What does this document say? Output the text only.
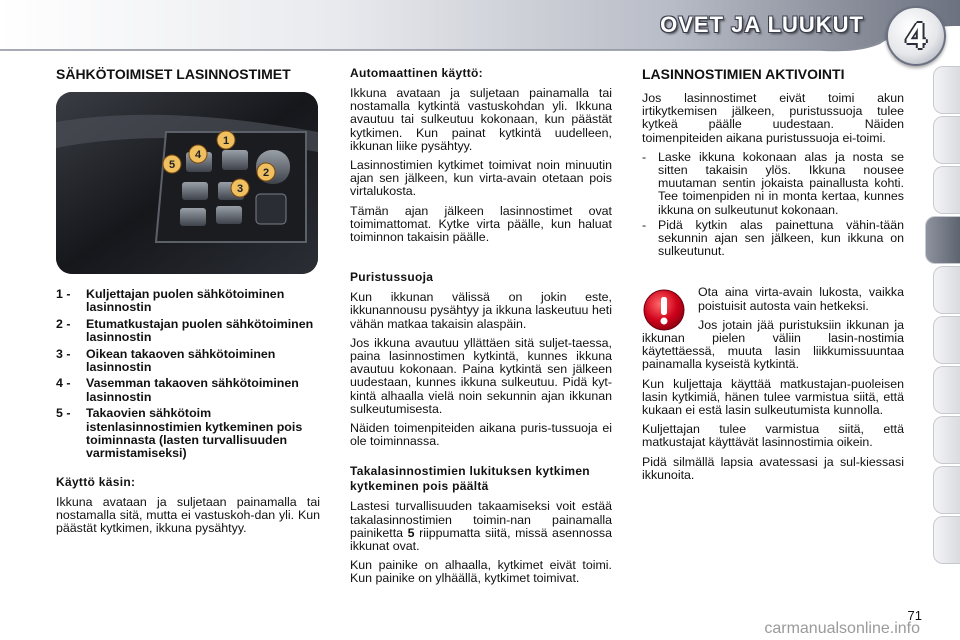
OVET JA LUUKUT	4
SÄHKÖTOIMISET LASINNOSTIMET
1
2
3
4
5
1 -	Kuljettajan puolen sähkötoiminen lasinnostin
2 -	Etumatkustajan puolen sähkötoiminen lasinnostin
3 -	Oikean takaoven sähkötoiminen lasinnostin
4 -	Vasemman takaoven sähkötoiminen lasinnostin
5 -	Takaovien sähkötoim istenlasinnostimien kytkeminen pois toiminnasta (lasten turvallisuuden varmistamiseksi)
Käyttö käsin:

Ikkuna avataan ja suljetaan painamalla tai nostamalla sitä, mutta ei vastuskoh-dan yli. Kun päästät kytkimen, ikkuna pysähtyy.

Automaattinen käyttö:

Ikkuna avataan ja suljetaan painamalla tai nostamalla kytkintä vastuskohdan yli. Ikkuna avautuu tai sulkeutuu kokonaan, kun päästät kytkimen. Kun painat kytkintä uudelleen, ikkunan liike pysähtyy.

Lasinnostimien kytkimet toimivat noin minuutin ajan sen jälkeen, kun virta-avain otetaan pois virtalukosta.

Tämän ajan jälkeen lasinnostimet ovat toimimattomat. Kytke virta päälle, kun haluat toiminnon takaisin päälle.

Puristussuoja

Kun ikkunan välissä on jokin este, ikkunannousu pysähtyy ja ikkuna laskeutuu heti vähän matkaa takaisin alaspäin.

Jos ikkuna avautuu yllättäen sitä suljet-taessa, paina lasinnostimen kytkintä, kunnes ikkuna avautuu kokonaan. Paina kytkintä sen jälkeen uudestaan, kunnes ikkuna sulkeutuu. Pidä kyt-kintä alhaalla vielä noin sekunnin ajan ikkunan sulkeutumisesta.

Näiden toimenpiteiden aikana puris-tussuoja ei ole toiminnassa.

Takalasinnostimien lukituksen kytkimen kytkeminen pois päältä

Lastesi turvallisuuden takaamiseksi voit estää takalasinnostimien toimin-nan painamalla painiketta 5 riippumatta siitä, missä asennossa ikkunat ovat.

Kun painike on alhaalla, kytkimet eivät toimi. Kun painike on ylhäällä, kytkimet toimivat.

LASINNOSTIMIEN AKTIVOINTI

Jos lasinnostimet eivät toimi akun irtikytkemisen jälkeen, puristussuoja tulee kytkeä päälle uudestaan. Näiden toimenpiteiden aikana puristussuoja ei-toimi.

- Laske ikkuna kokonaan alas ja nosta se sitten takaisin ylös. Ikkuna nousee muutaman sentin jokaista painallusta kohti. Tee toimenpiden ni in monta kertaa, kunnes ikkuna on sulkeutunut kokonaan.
- Pidä kytkin alas painettuna vähin-tään sekunnin ajan sen jälkeen, kun ikkuna on sulkeutunut.

Ota aina virta-avain lukosta, vaikka poistuisit autosta vain hetkeksi.

Jos jotain jää puristuksiin ikkunan ja ikkunan pielen väliin lasin-nostimia käytettäessä, muuta lasin liikkumissuuntaa painamalla kyseistä kytkintä.

Kun kuljettaja käyttää matkustajan-puoleisen lasin kytkimiä, hänen tulee varmistua siitä, että kukaan ei estä lasin sulkeutumista kunnolla.

Kuljettajan tulee varmistua siitä, että matkustajat käyttävät lasinnostimia oikein.

Pidä silmällä lapsia avatessasi ja sul-kiessasi ikkunoita.

71
carmanualsonline.info
